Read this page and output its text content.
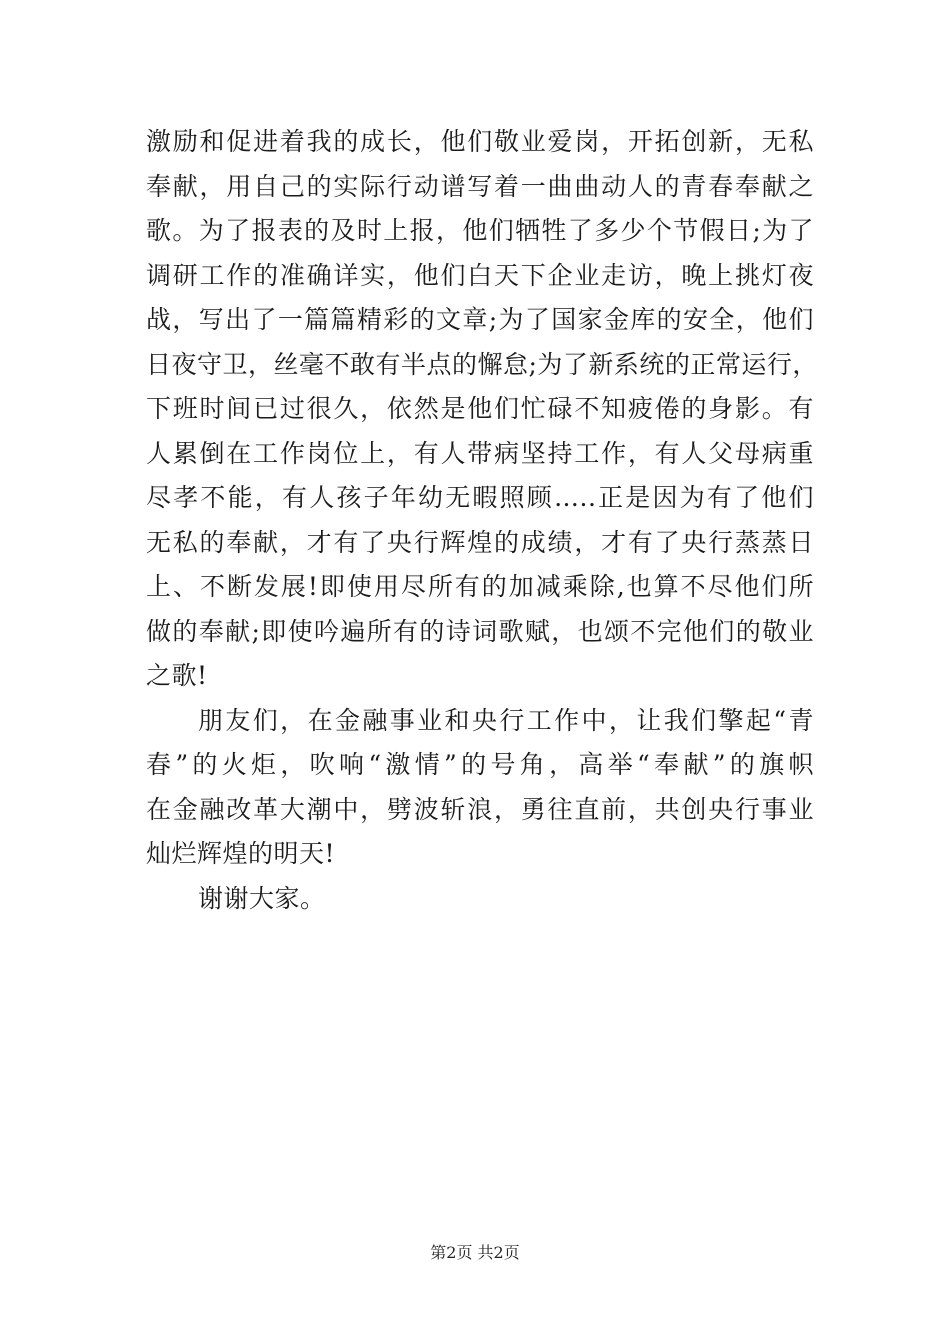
激励和促进着我的成长，他们敬业爱岗，开拓创新，无私
奉献，用自己的实际行动谱写着一曲曲动人的青春奉献之
歌。为了报表的及时上报，他们牺牲了多少个节假日;为了
调研工作的准确详实，他们白天下企业走访，晚上挑灯夜
战，写出了一篇篇精彩的文章;为了国家金库的安全，他们
日夜守卫，丝毫不敢有半点的懈怠;为了新系统的正常运行，
下班时间已过很久，依然是他们忙碌不知疲倦的身影。有
人累倒在工作岗位上，有人带病坚持工作，有人父母病重
尽孝不能，有人孩子年幼无暇照顾…..正是因为有了他们
无私的奉献，才有了央行辉煌的成绩，才有了央行蒸蒸日
上、不断发展!即使用尽所有的加减乘除,也算不尽他们所
做的奉献;即使吟遍所有的诗词歌赋，也颂不完他们的敬业
之歌!
朋友们，在金融事业和央行工作中，让我们擎起“青
春”的火炬，吹响“激情”的号角，高举“奉献”的旗帜
在金融改革大潮中，劈波斩浪，勇往直前，共创央行事业
灿烂辉煌的明天!
谢谢大家。
第2页 共2页
